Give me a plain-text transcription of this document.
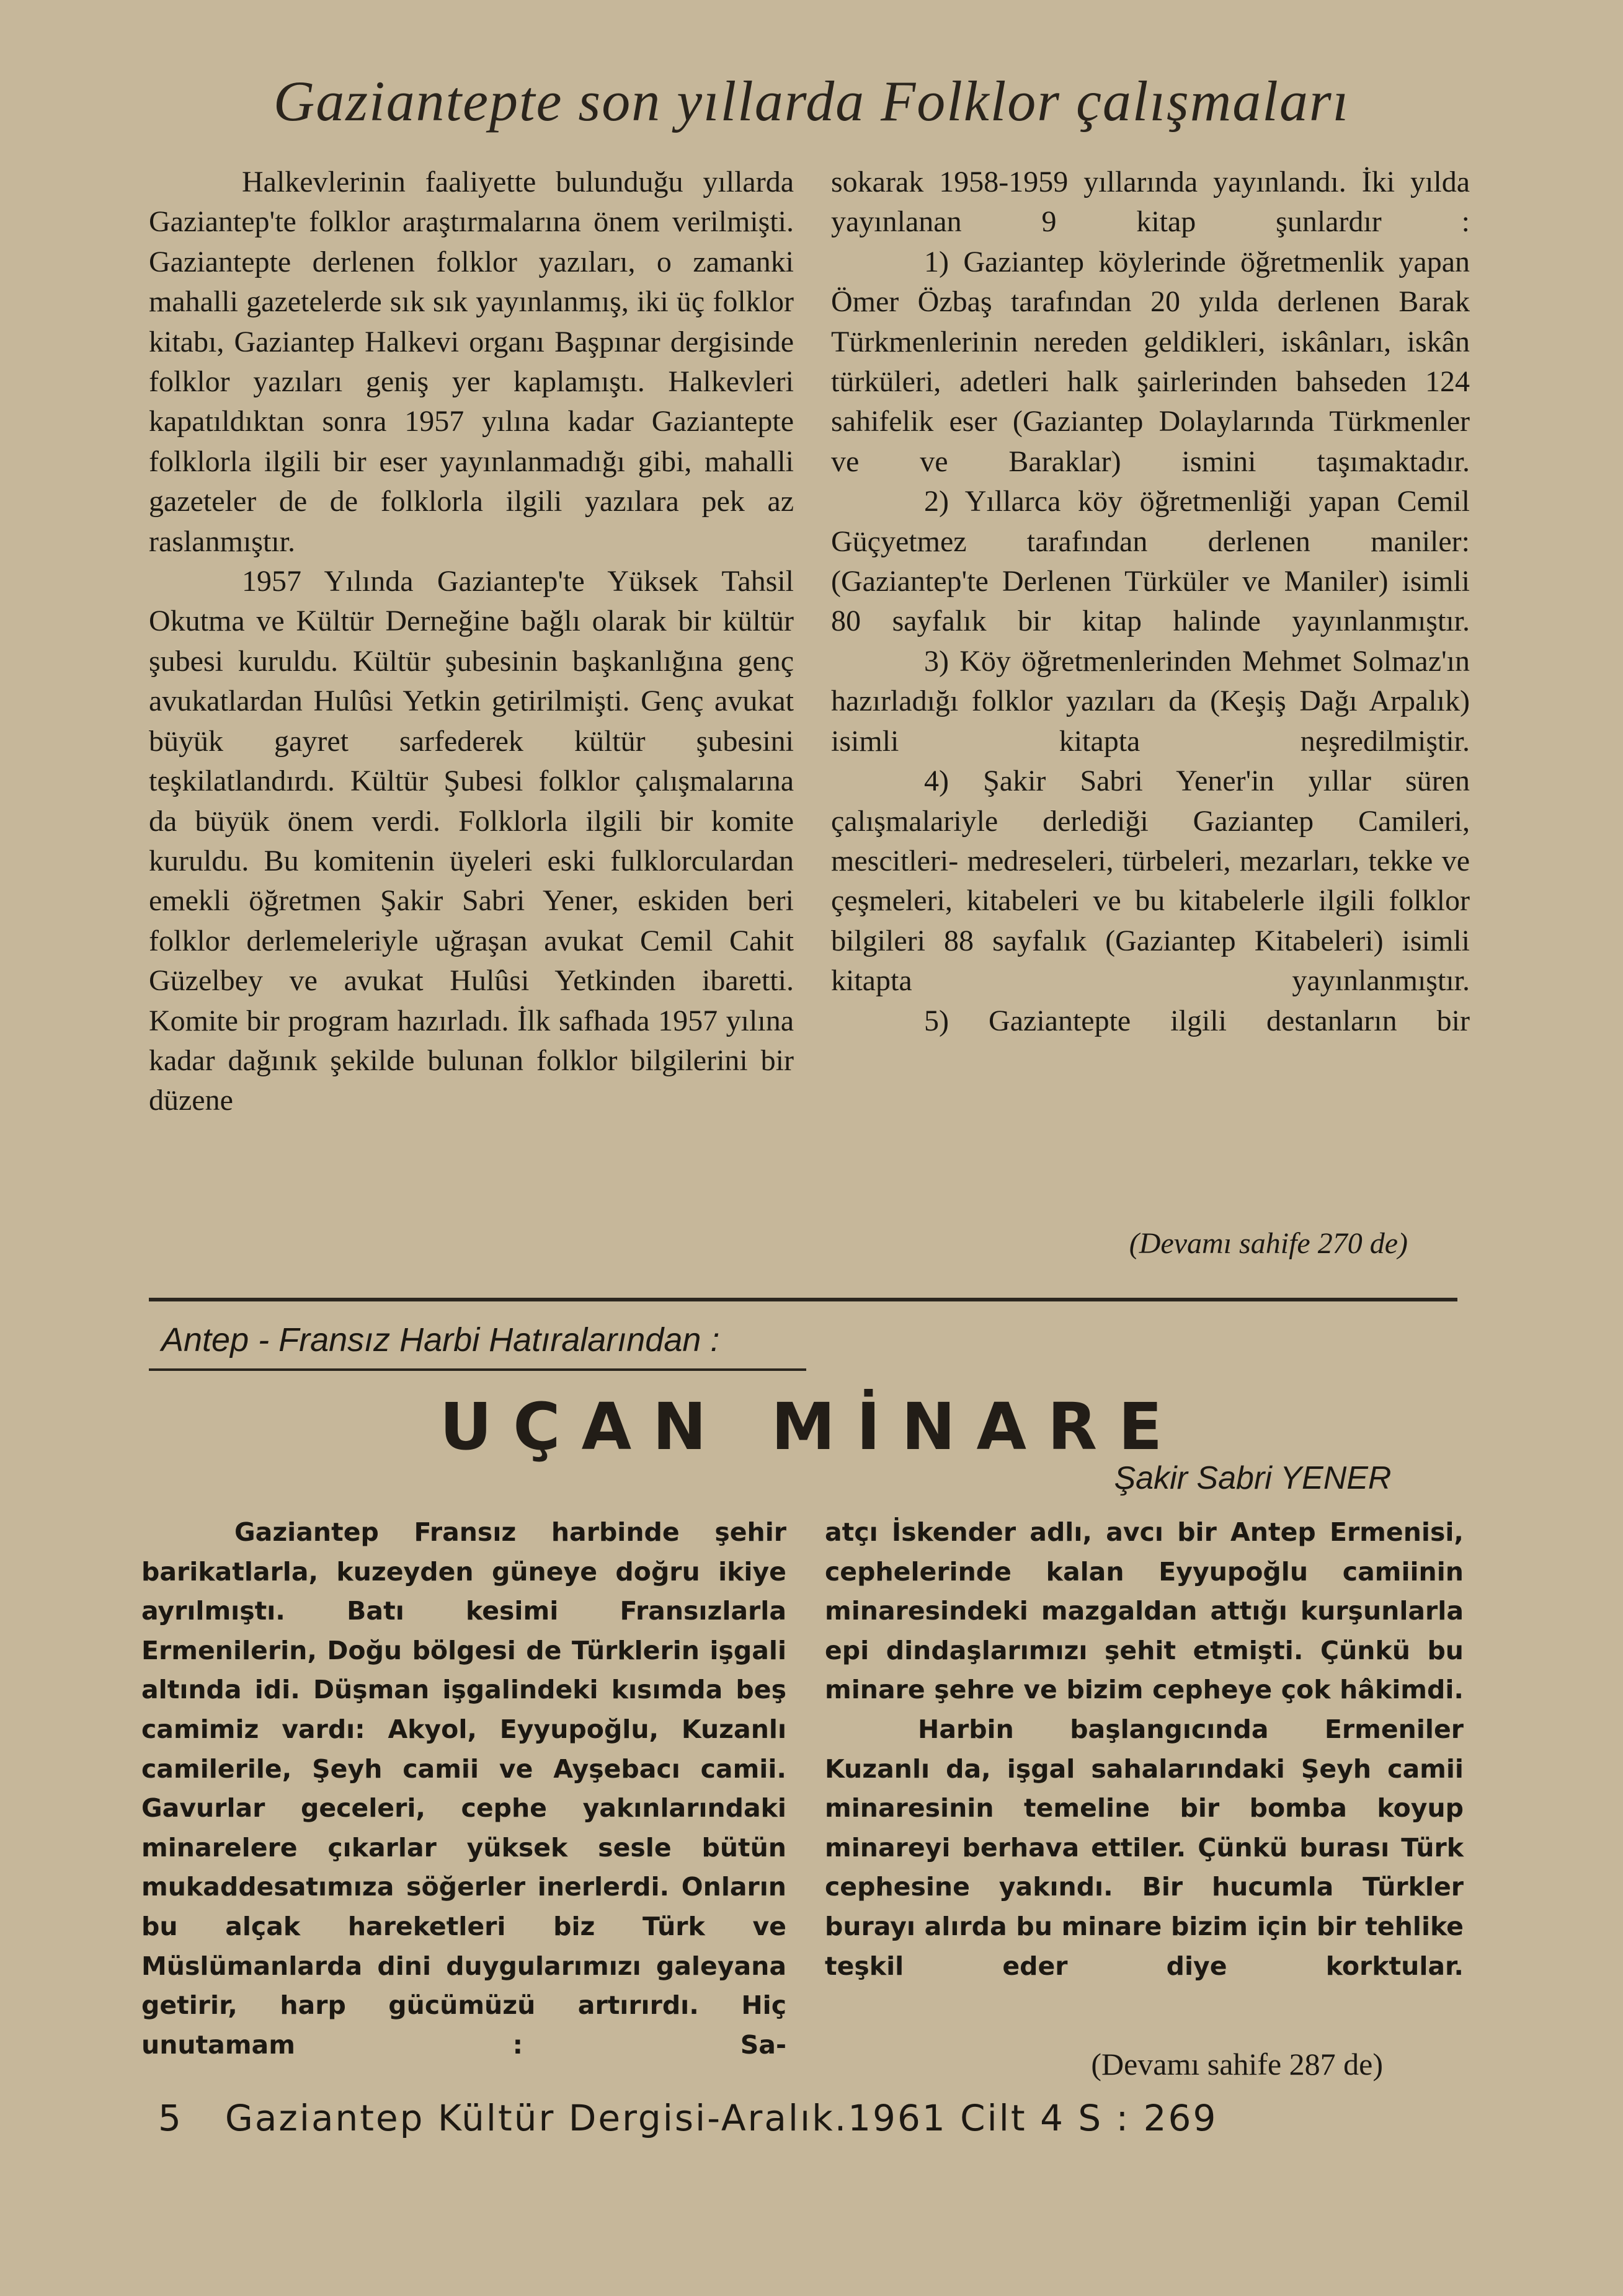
Gaziantepte son yıllarda Folklor çalışmaları

Halkevlerinin faaliyette bulunduğu yıllarda Gaziantep'te folklor araştırmalarına önem verilmişti. Gaziantepte derlenen folklor yazıları, o zamanki mahalli gazetelerde sık sık yayınlanmış, iki üç folklor kitabı, Gaziantep Halkevi organı Başpınar dergisinde folklor yazıları geniş yer kaplamıştı. Halkevleri kapatıldıktan sonra 1957 yılına kadar Gaziantepte folklorla ilgili bir eser yayınlanmadığı gibi, mahalli gazeteler de de folklorla ilgili yazılara pek az raslanmıştır.

1957 Yılında Gaziantep'te Yüksek Tahsil Okutma ve Kültür Derneğine bağlı olarak bir kültür şubesi kuruldu. Kültür şubesinin başkanlığına genç avukatlardan Hulûsi Yetkin getirilmişti. Genç avukat büyük gayret sarfederek kültür şubesini teşkilatlandırdı. Kültür Şubesi folklor çalışmalarına da büyük önem verdi. Folklorla ilgili bir komite kuruldu. Bu komitenin üyeleri eski fulklorculardan emekli öğretmen Şakir Sabri Yener, eskiden beri folklor derlemeleriyle uğraşan avukat Cemil Cahit Güzelbey ve avukat Hulûsi Yetkinden ibaretti. Komite bir program hazırladı. İlk safhada 1957 yılına kadar dağınık şekilde bulunan folklor bilgilerini bir düzene

sokarak 1958-1959 yıllarında yayınlandı. İki yılda yayınlanan 9 kitap şunlardır :

1) Gaziantep köylerinde öğretmenlik yapan Ömer Özbaş tarafından 20 yılda derlenen Barak Türkmenlerinin nereden geldikleri, iskânları, iskân türküleri, adetleri halk şairlerinden bahseden 124 sahifelik eser (Gaziantep Dolaylarında Türkmenler ve ve Baraklar) ismini taşımaktadır.

2) Yıllarca köy öğretmenliği yapan Cemil Güçyetmez tarafından derlenen maniler: (Gaziantep'te Derlenen Türküler ve Maniler) isimli 80 sayfalık bir kitap halinde yayınlanmıştır.

3) Köy öğretmenlerinden Mehmet Solmaz'ın hazırladığı folklor yazıları da (Keşiş Dağı Arpalık) isimli kitapta neşredilmiştir.

4) Şakir Sabri Yener'in yıllar süren çalışmalariyle derlediği Gaziantep Camileri, mescitleri- medreseleri, türbeleri, mezarları, tekke ve çeşmeleri, kitabeleri ve bu kitabelerle ilgili folklor bilgileri 88 sayfalık (Gaziantep Kitabeleri) isimli kitapta yayınlanmıştır.

5) Gaziantepte ilgili destanların bir

(Devamı sahife 270 de)
Antep - Fransız Harbi Hatıralarından :
UÇAN MİNARE
Şakir Sabri YENER

Gaziantep Fransız harbinde şehir barikatlarla, kuzeyden güneye doğru ikiye ayrılmıştı. Batı kesimi Fransızlarla Ermenilerin, Doğu bölgesi de Türklerin işgali altında idi. Düşman işgalindeki kısımda beş camimiz vardı: Akyol, Eyyupoğlu, Kuzanlı camilerile, Şeyh camii ve Ayşebacı camii. Gavurlar geceleri, cephe yakınlarındaki minarelere çıkarlar yüksek sesle bütün mukaddesatımıza söğerler inerlerdi. Onların bu alçak hareketleri biz Türk ve Müslümanlarda dini duygularımızı galeyana getirir, harp gücümüzü artırırdı. Hiç unutamam : Sa-

atçı İskender adlı, avcı bir Antep Ermenisi, cephelerinde kalan Eyyupoğlu camiinin minaresindeki mazgaldan attığı kurşunlarla epi dindaşlarımızı şehit etmişti. Çünkü bu minare şehre ve bizim cepheye çok hâkimdi.

Harbin başlangıcında Ermeniler Kuzanlı da, işgal sahalarındaki Şeyh camii minaresinin temeline bir bomba koyup minareyi berhava ettiler. Çünkü burası Türk cephesine yakındı. Bir hucumla Türkler burayı alırda bu minare bizim için bir tehlike teşkil eder diye korktular.

(Devamı sahife 287 de)
5 Gaziantep Kültür Dergisi-Aralık.1961 Cilt 4 S : 269
